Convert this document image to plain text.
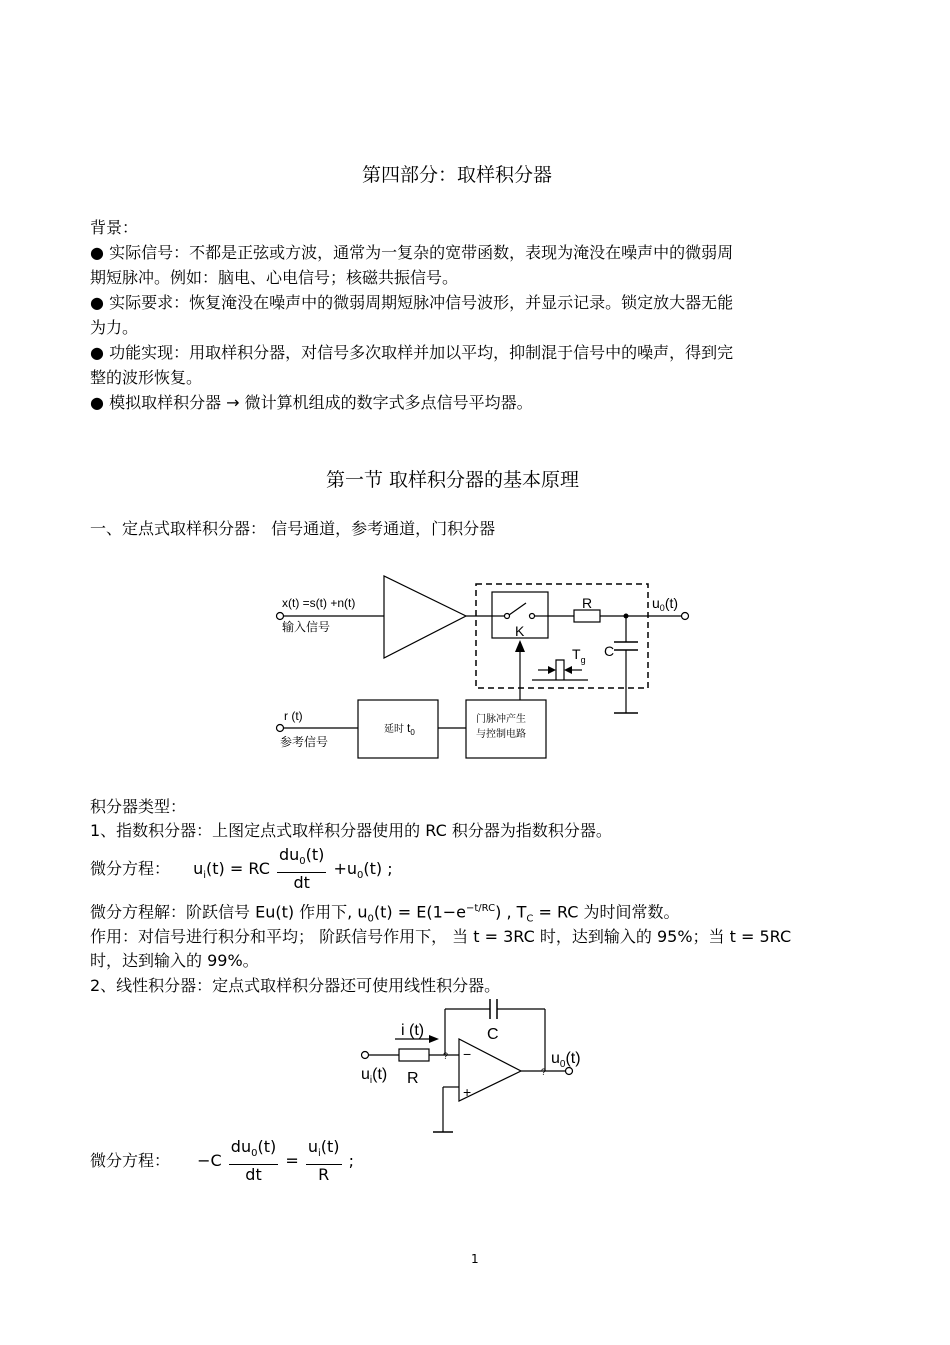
第四部分：取样积分器
背景：
● 实际信号：不都是正弦或方波，通常为一复杂的宽带函数，表现为淹没在噪声中的微弱周
期短脉冲。例如：脑电、心电信号；核磁共振信号。
● 实际要求：恢复淹没在噪声中的微弱周期短脉冲信号波形，并显示记录。锁定放大器无能
为力。
● 功能实现：用取样积分器，对信号多次取样并加以平均，抑制混于信号中的噪声，得到完
整的波形恢复。
● 模拟取样积分器 → 微计算机组成的数字式多点信号平均器。
第一节 取样积分器的基本原理
一、定点式取样积分器： 信号通道，参考通道，门积分器
x(t) =s(t) +n(t)
输入信号	K
R	$u_0(t)$
C
$T_g$
r (t)
参考信号
延时 $t_0$
门脉冲产生
与控制电路
积分器类型：
1、指数积分器：上图定点式取样积分器使用的 RC 积分器为指数积分器。
微分方程： $u_i(t)$ = RC $\frac{du_0(t)}{dt} +u_0(t)$ ;
微分方程解：阶跃信号 Eu(t) 作用下, $u_0(t) = E(1-e^{-t/RC})$ , $T_C$ = RC 为时间常数。
作用：对信号进行积分和平均； 阶跃信号作用下， 当 t = 3RC 时，达到输入的 95%；当 t = 5RC
时，达到输入的 99%。
2、线性积分器：定点式取样积分器还可使用线性积分器。
R
$u_i(t)$
i (t)
?
C
−
+
?
$u_0(t)$
微分方程： $-C \frac{du_0(t)}{dt} = \frac{u_i(t)}{R}$ ;
1
